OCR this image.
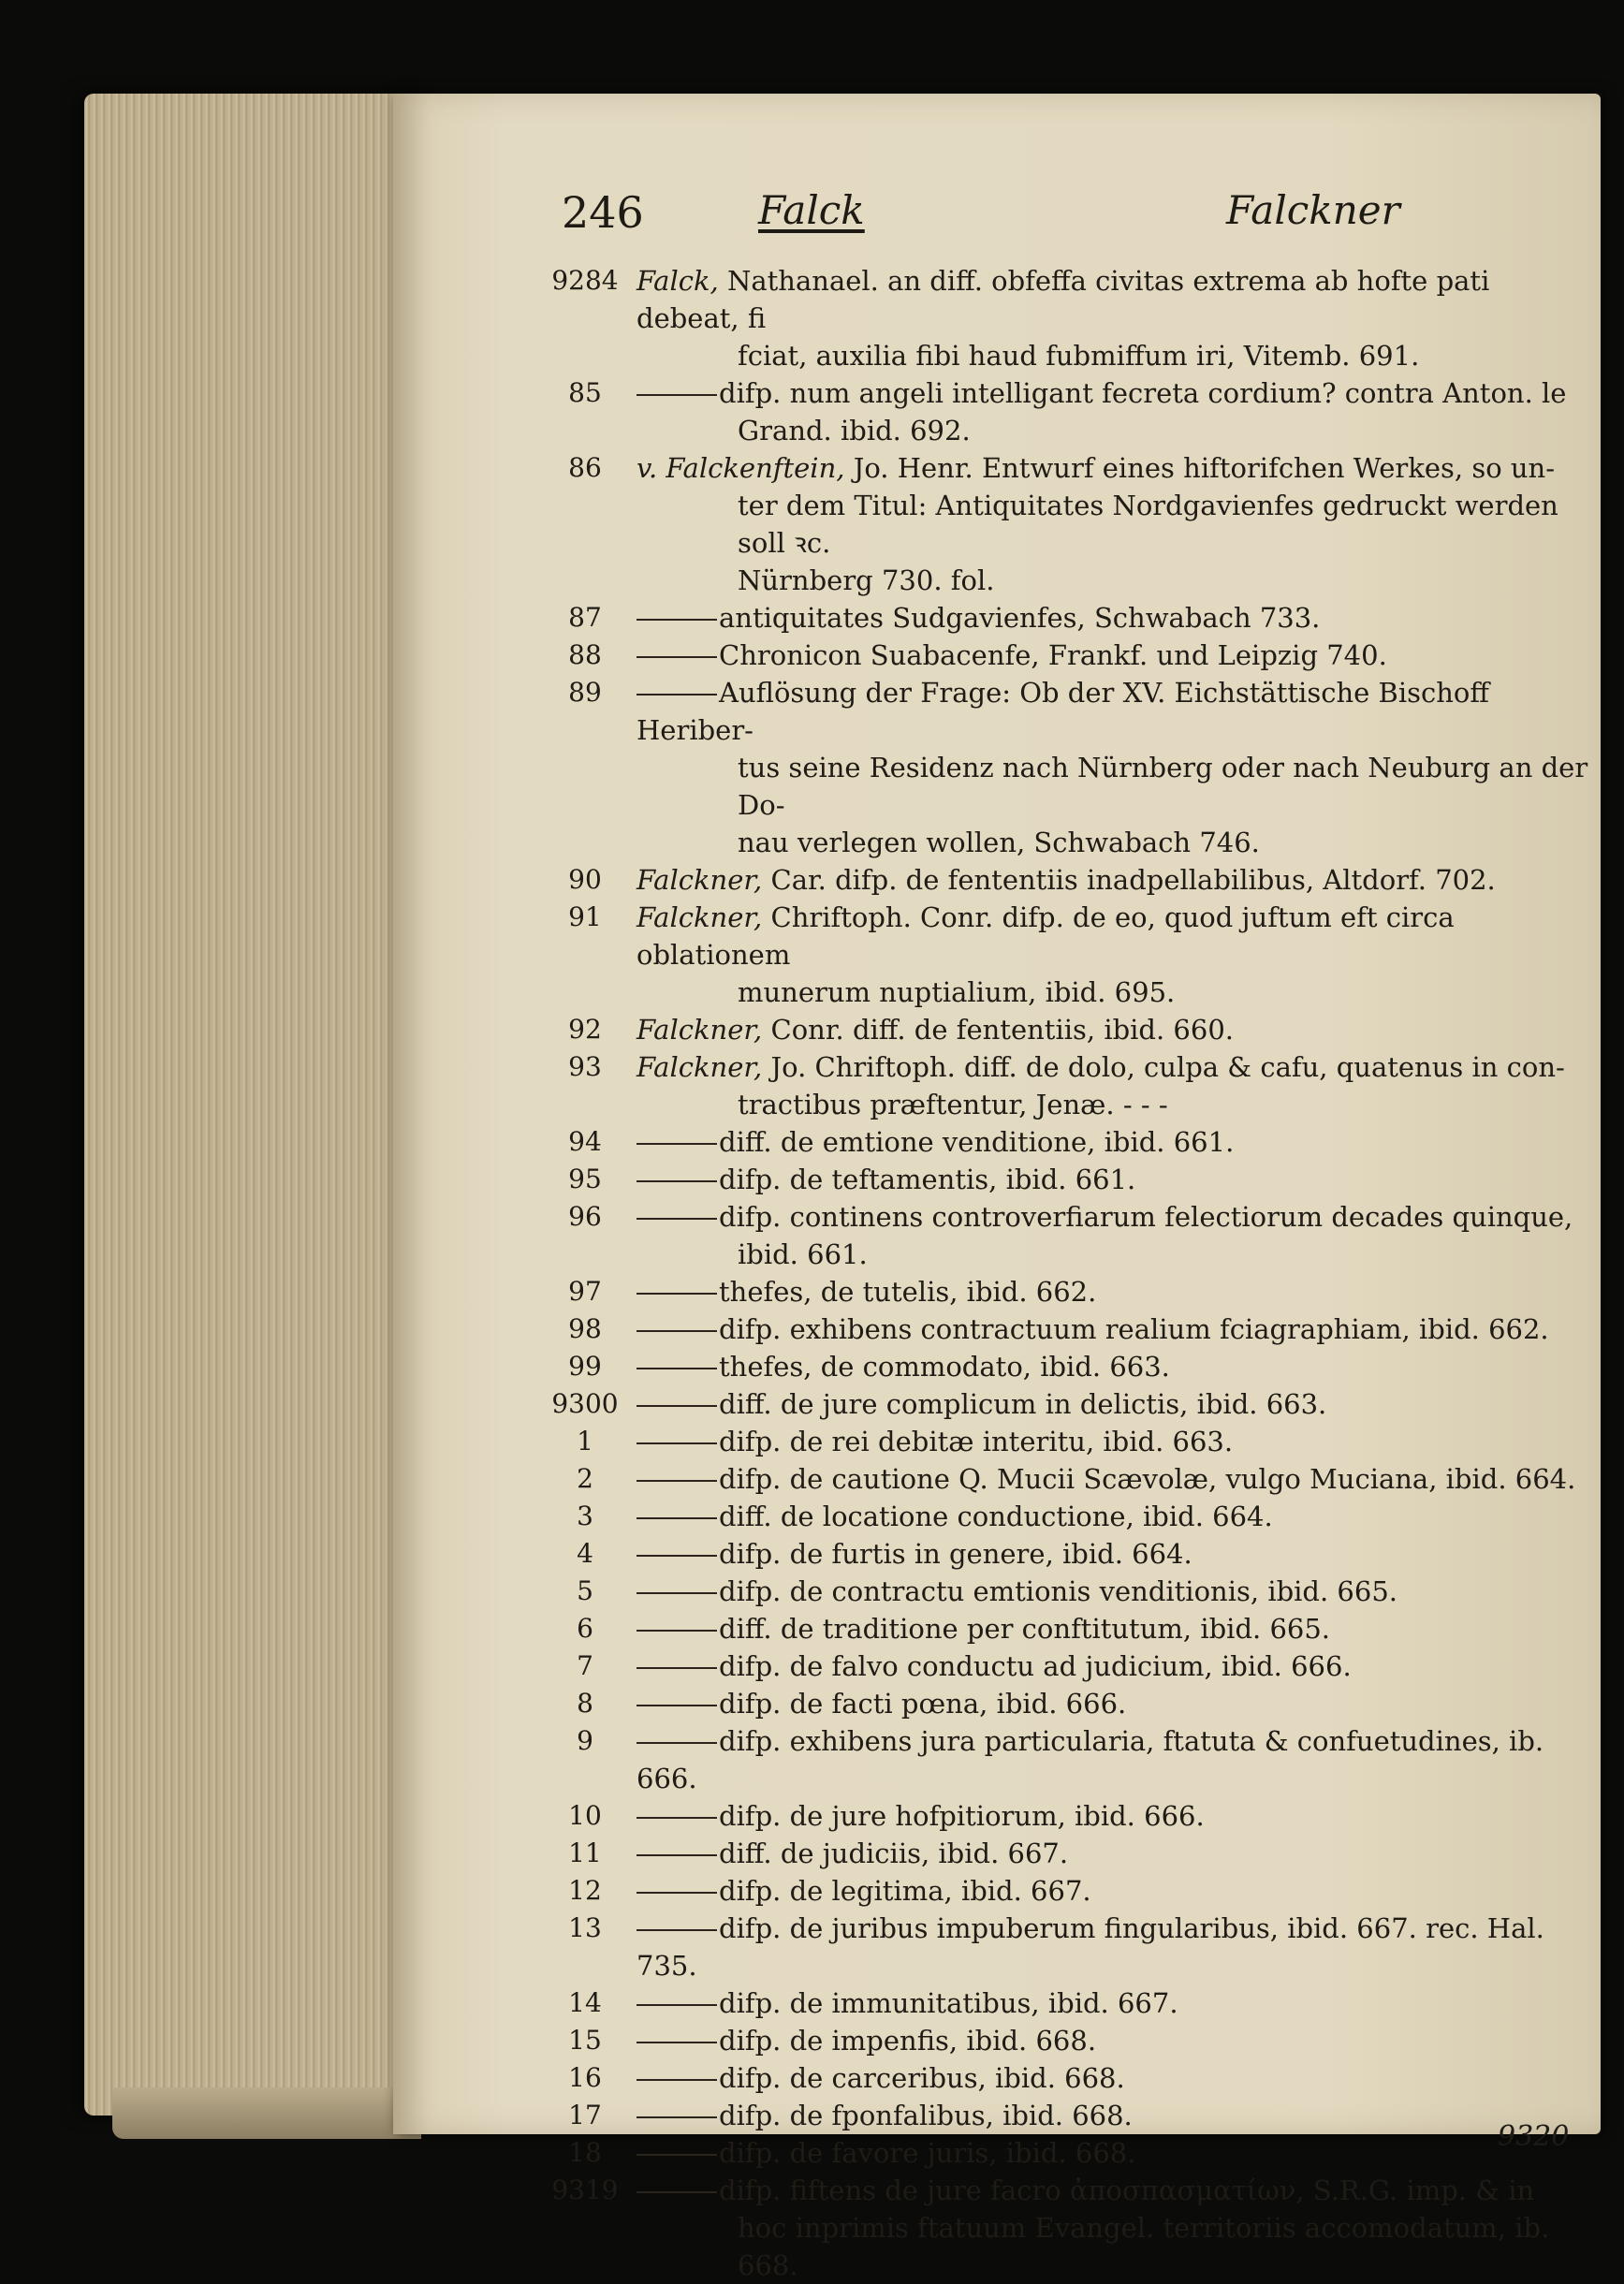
246	Falck	Falckner
9284 Falck, Nathanael. an diff. obfeffa civitas extrema ab hofte pati debeat, fi
fciat, auxilia fibi haud fubmiffum iri, Vitemb. 691.
85	difp. num angeli intelligant fecreta cordium? contra Anton. le
Grand. ibid. 692.
86	v. Falckenftein, Jo. Henr. Entwurf eines hiftorifchen Werkes, so un-
ter dem Titul: Antiquitates Nordgavienfes gedruckt werden soll ꝛc.
Nürnberg 730. fol.
87	antiquitates Sudgavienfes, Schwabach 733.
88	Chronicon Suabacenfe, Frankf. und Leipzig 740.
89	Auflösung der Frage: Ob der XV. Eichstättische Bischoff Heriber-
tus seine Residenz nach Nürnberg oder nach Neuburg an der Do-
nau verlegen wollen, Schwabach 746.
90	Falckner, Car. difp. de fententiis inadpellabilibus, Altdorf. 702.
91	Falckner, Chriftoph. Conr. difp. de eo, quod juftum eft circa oblationem
munerum nuptialium, ibid. 695.
92	Falckner, Conr. diff. de fententiis, ibid. 660.
93	Falckner, Jo. Chriftoph. diff. de dolo, culpa & cafu, quatenus in con-
tractibus præftentur, Jenæ. - - -
94	diff. de emtione venditione, ibid. 661.
95	difp. de teftamentis, ibid. 661.
96	difp. continens controverfiarum felectiorum decades quinque,
ibid. 661.
97	thefes, de tutelis, ibid. 662.
98	difp. exhibens contractuum realium fciagraphiam, ibid. 662.
99	thefes, de commodato, ibid. 663.
9300	diff. de jure complicum in delictis, ibid. 663.
1	difp. de rei debitæ interitu, ibid. 663.
2	difp. de cautione Q. Mucii Scævolæ, vulgo Muciana, ibid. 664.
3	diff. de locatione conductione, ibid. 664.
4	difp. de furtis in genere, ibid. 664.
5	difp. de contractu emtionis venditionis, ibid. 665.
6	diff. de traditione per conftitutum, ibid. 665.
7	difp. de falvo conductu ad judicium, ibid. 666.
8	difp. de facti pœna, ibid. 666.
9	difp. exhibens jura particularia, ftatuta & confuetudines, ib. 666.
10	difp. de jure hofpitiorum, ibid. 666.
11	diff. de judiciis, ibid. 667.
12	difp. de legitima, ibid. 667.
13	difp. de juribus impuberum fingularibus, ibid. 667. rec. Hal. 735.
14	difp. de immunitatibus, ibid. 667.
15	difp. de impenfis, ibid. 668.
16	difp. de carceribus, ibid. 668.
17	difp. de fponfalibus, ibid. 668.
18	difp. de favore juris, ibid. 668.
9319	difp. fiftens de jure facro ἀποσπασματίων, S.R.G. imp. & in
hoc inprimis ftatuum Evangel. territoriis accomodatum, ib. 668.
9320
